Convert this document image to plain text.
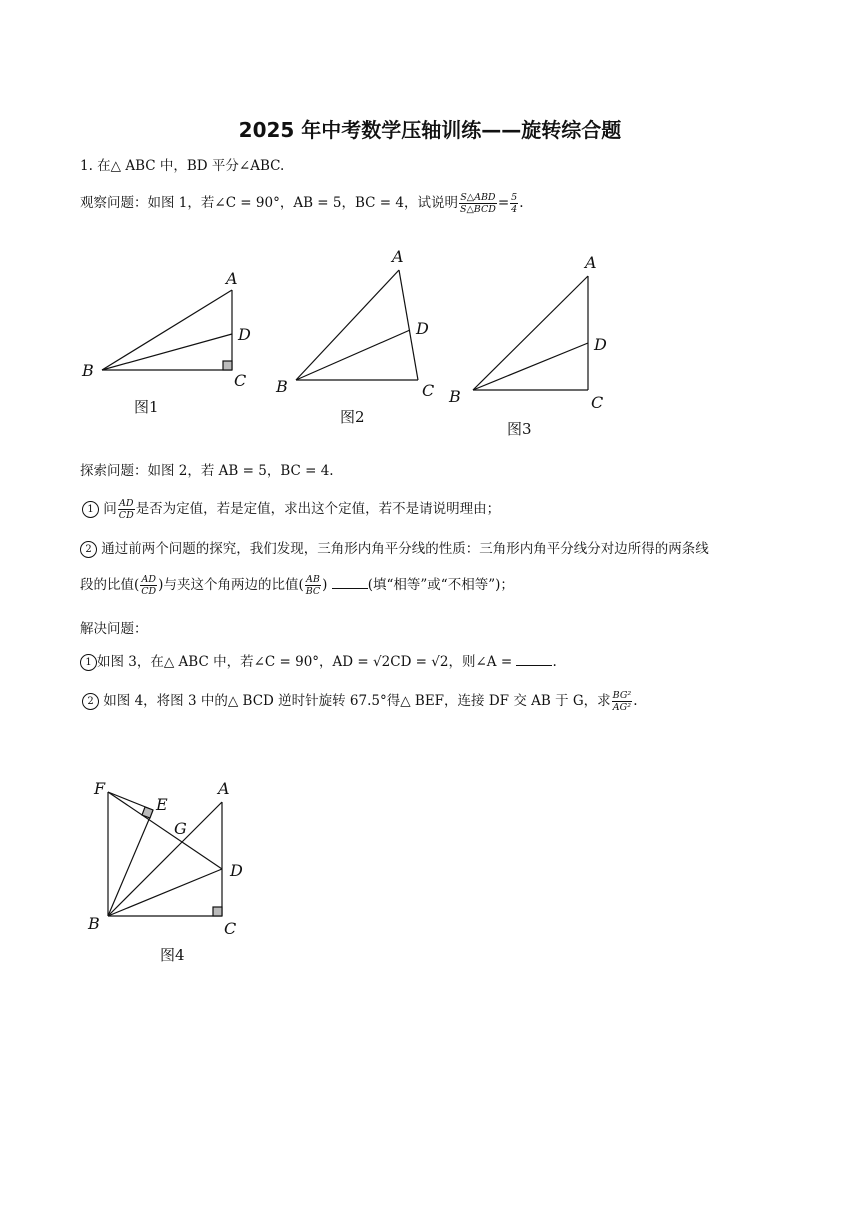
2025 年中考数学压轴训练——旋转综合题
1. 在△ ABC 中，BD 平分∠ABC.
观察问题：如图 1，若∠C = 90°，AB = 5，BC = 4，试说明 $\frac{\text{S△ABD}}{\text{S△BCD}} = \frac{5}{4}$ .
A
B
C
D
图1
A
B	C
D
图2
A
B	C
D
图3
探索问题：如图 2，若 AB = 5，BC = 4.
1 问 $\frac{AD}{CD}$ 是否为定值，若是定值，求出这个定值，若不是请说明理由；
2 通过前两个问题的探究，我们发现，三角形内角平分线的性质：三角形内角平分线分对边所得的两条线
段的比值( $\frac{AD}{CD}$ )与夹这个角两边的比值( $\frac{AB}{BC}$ )	(填“相等”或“不相等”)；
解决问题：
1 如图 3，在△ ABC 中，若∠C = 90°，AD = √2CD = √2，则∠A =	.
2 如图 4，将图 3 中的△ BCD 逆时针旋转 67.5°得△ BEF，连接 DF 交 AB 于 G，求 $\frac{\text{BG²}}{\text{AG²}}$ .
F
E
G
A
D
B	C
图4
